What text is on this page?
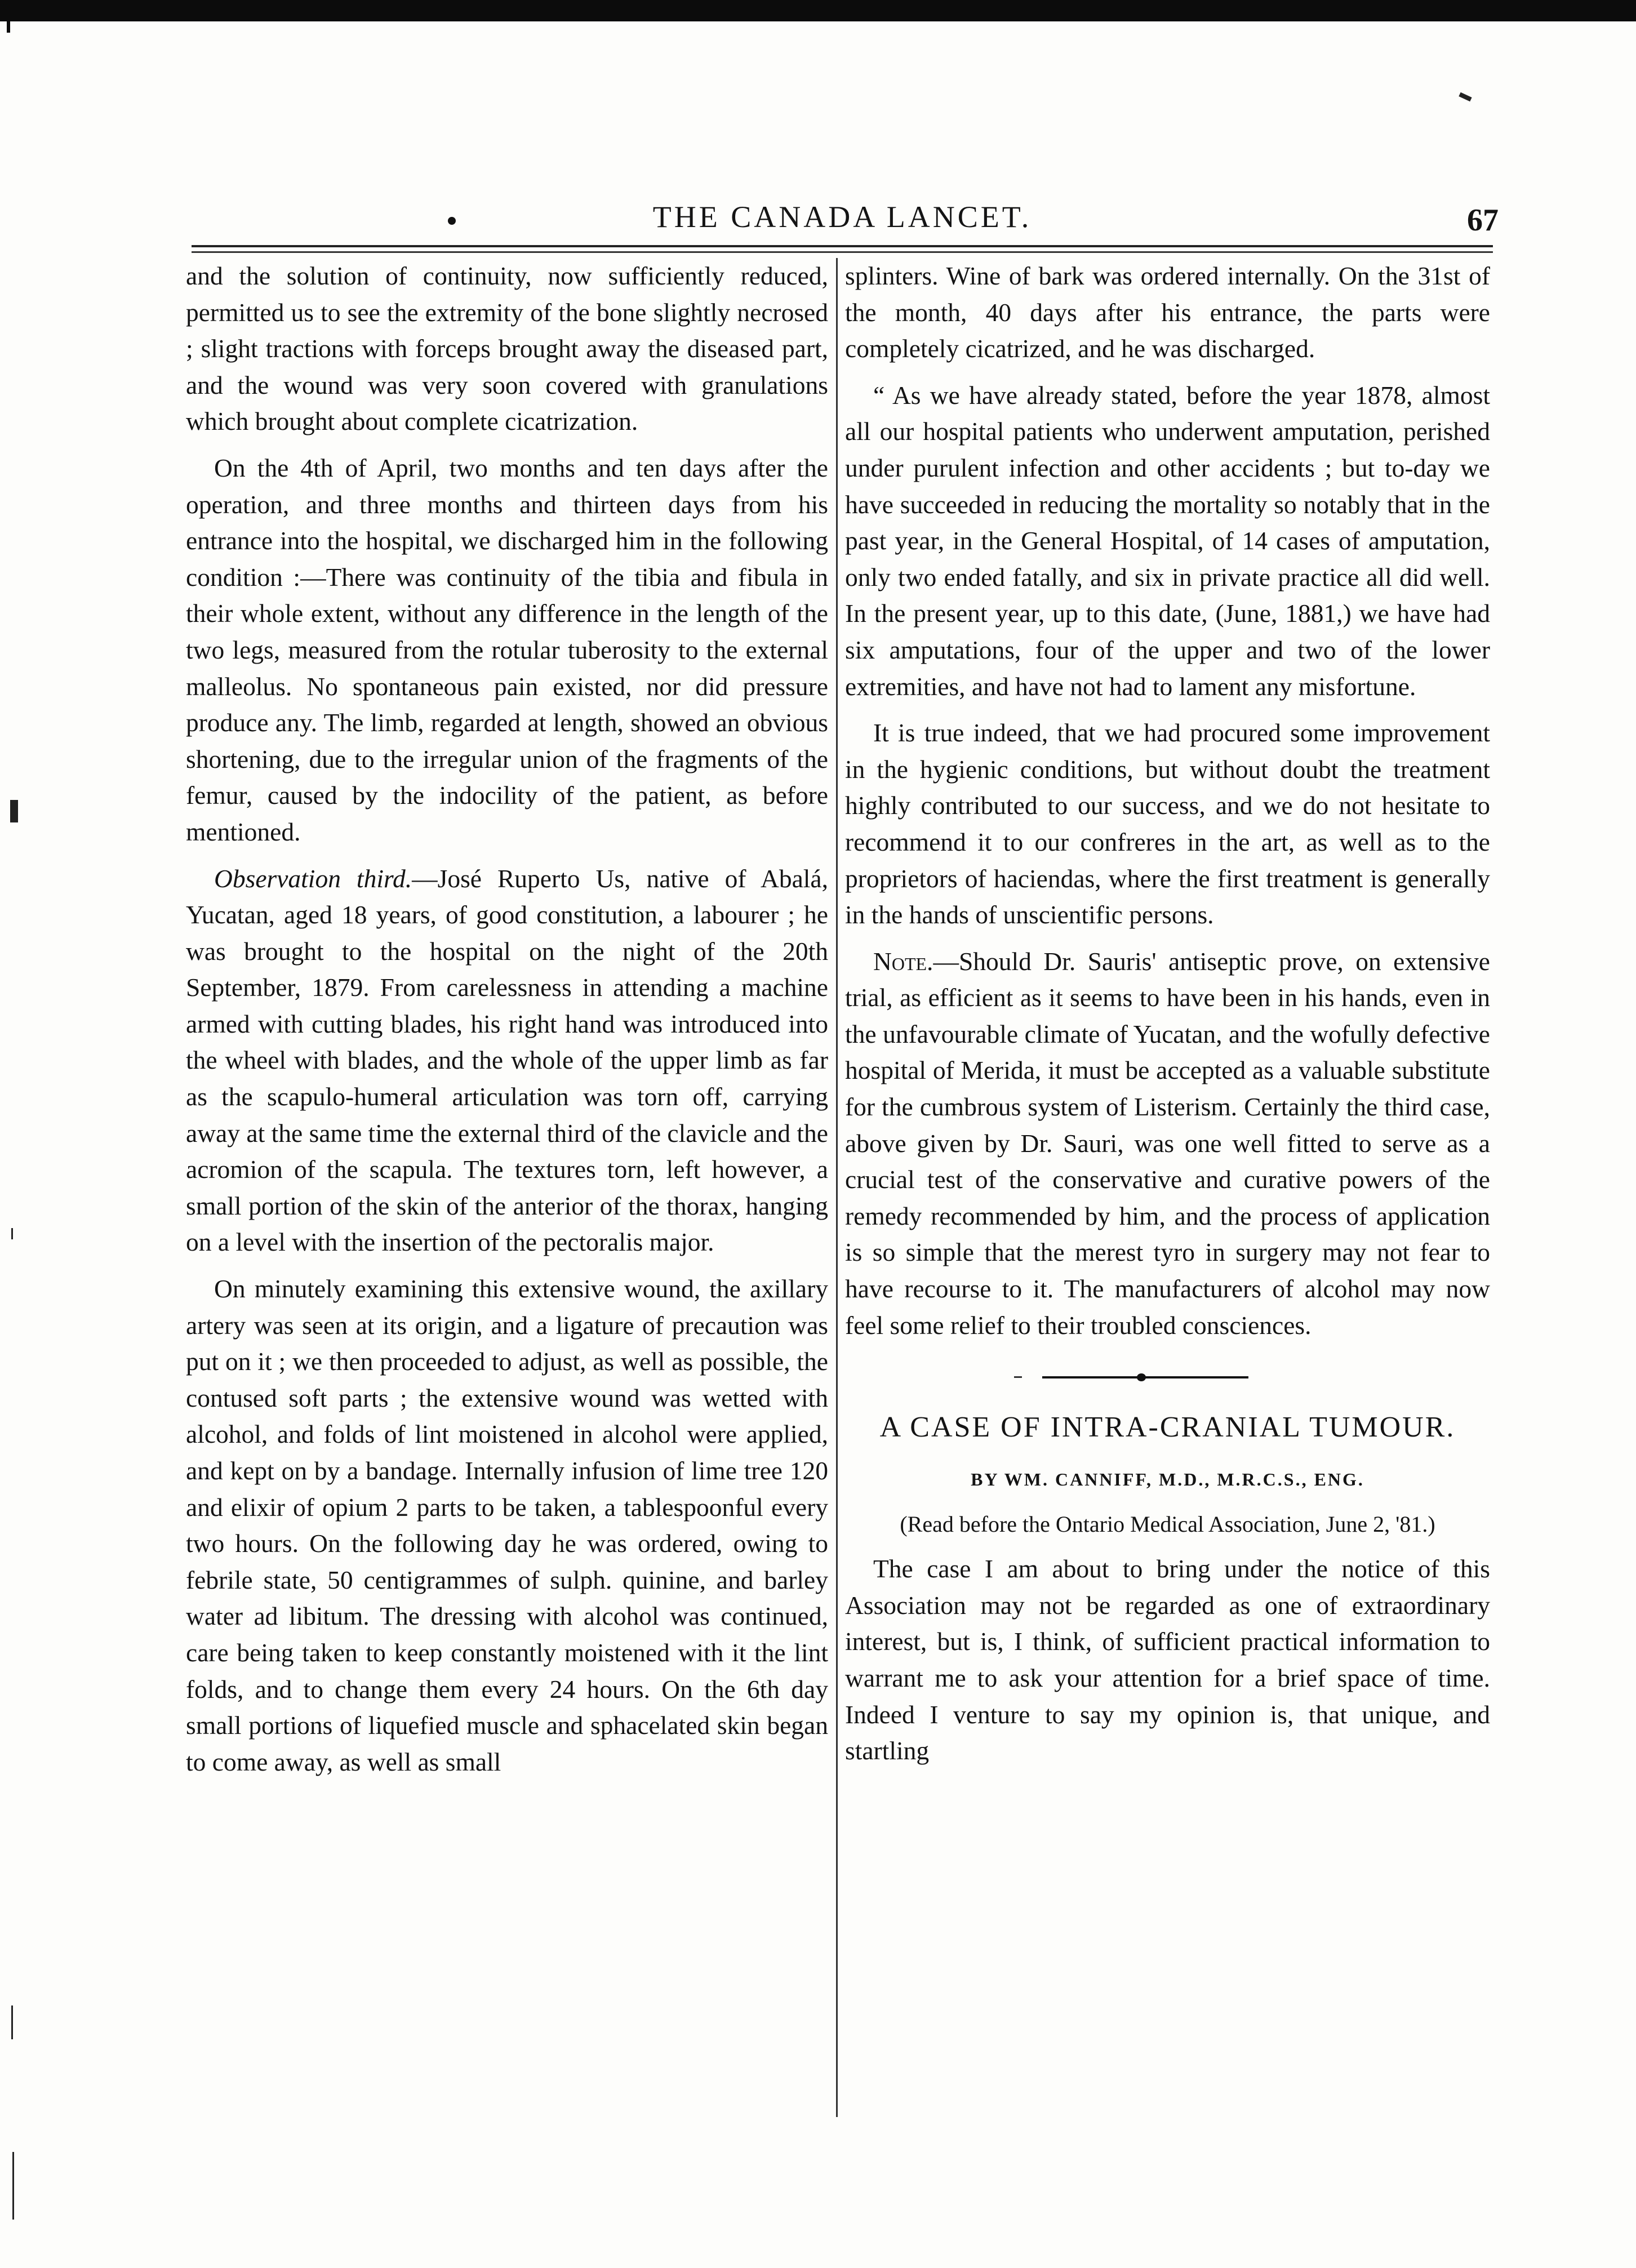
THE CANADA LANCET.	67

and the solution of continuity, now sufficiently reduced, permitted us to see the extremity of the bone slightly necrosed ; slight tractions with forceps brought away the diseased part, and the wound was very soon covered with granulations which brought about complete cicatrization.

On the 4th of April, two months and ten days after the operation, and three months and thirteen days from his entrance into the hospital, we discharged him in the following condition :—There was continuity of the tibia and fibula in their whole extent, without any difference in the length of the two legs, measured from the rotular tuberosity to the external malleolus. No spontaneous pain existed, nor did pressure produce any. The limb, regarded at length, showed an obvious shortening, due to the irregular union of the fragments of the femur, caused by the indocility of the patient, as before mentioned.

Observation third.—José Ruperto Us, native of Abalá, Yucatan, aged 18 years, of good constitution, a labourer ; he was brought to the hospital on the night of the 20th September, 1879. From carelessness in attending a machine armed with cutting blades, his right hand was introduced into the wheel with blades, and the whole of the upper limb as far as the scapulo-humeral articulation was torn off, carrying away at the same time the external third of the clavicle and the acromion of the scapula. The textures torn, left however, a small portion of the skin of the anterior of the thorax, hanging on a level with the insertion of the pectoralis major.

On minutely examining this extensive wound, the axillary artery was seen at its origin, and a ligature of precaution was put on it ; we then proceeded to adjust, as well as possible, the contused soft parts ; the extensive wound was wetted with alcohol, and folds of lint moistened in alcohol were applied, and kept on by a bandage. Internally infusion of lime tree 120 and elixir of opium 2 parts to be taken, a tablespoonful every two hours. On the following day he was ordered, owing to febrile state, 50 centigrammes of sulph. quinine, and barley water ad libitum. The dressing with alcohol was continued, care being taken to keep constantly moistened with it the lint folds, and to change them every 24 hours. On the 6th day small portions of liquefied muscle and sphacelated skin began to come away, as well as small

splinters. Wine of bark was ordered internally. On the 31st of the month, 40 days after his entrance, the parts were completely cicatrized, and he was discharged.

“ As we have already stated, before the year 1878, almost all our hospital patients who underwent amputation, perished under purulent infection and other accidents ; but to-day we have succeeded in reducing the mortality so notably that in the past year, in the General Hospital, of 14 cases of amputation, only two ended fatally, and six in private practice all did well. In the present year, up to this date, (June, 1881,) we have had six amputations, four of the upper and two of the lower extremities, and have not had to lament any misfortune.

It is true indeed, that we had procured some improvement in the hygienic conditions, but without doubt the treatment highly contributed to our success, and we do not hesitate to recommend it to our confreres in the art, as well as to the proprietors of haciendas, where the first treatment is generally in the hands of unscientific persons.

Note.—Should Dr. Sauris' antiseptic prove, on extensive trial, as efficient as it seems to have been in his hands, even in the unfavourable climate of Yucatan, and the wofully defective hospital of Merida, it must be accepted as a valuable substitute for the cumbrous system of Listerism. Certainly the third case, above given by Dr. Sauri, was one well fitted to serve as a crucial test of the conservative and curative powers of the remedy recommended by him, and the process of application is so simple that the merest tyro in surgery may not fear to have recourse to it. The manufacturers of alcohol may now feel some relief to their troubled consciences.

A CASE OF INTRA-CRANIAL TUMOUR.
BY WM. CANNIFF, M.D., M.R.C.S., ENG.
(Read before the Ontario Medical Association, June 2, '81.)

The case I am about to bring under the notice of this Association may not be regarded as one of extraordinary interest, but is, I think, of sufficient practical information to warrant me to ask your attention for a brief space of time. Indeed I venture to say my opinion is, that unique, and startling
